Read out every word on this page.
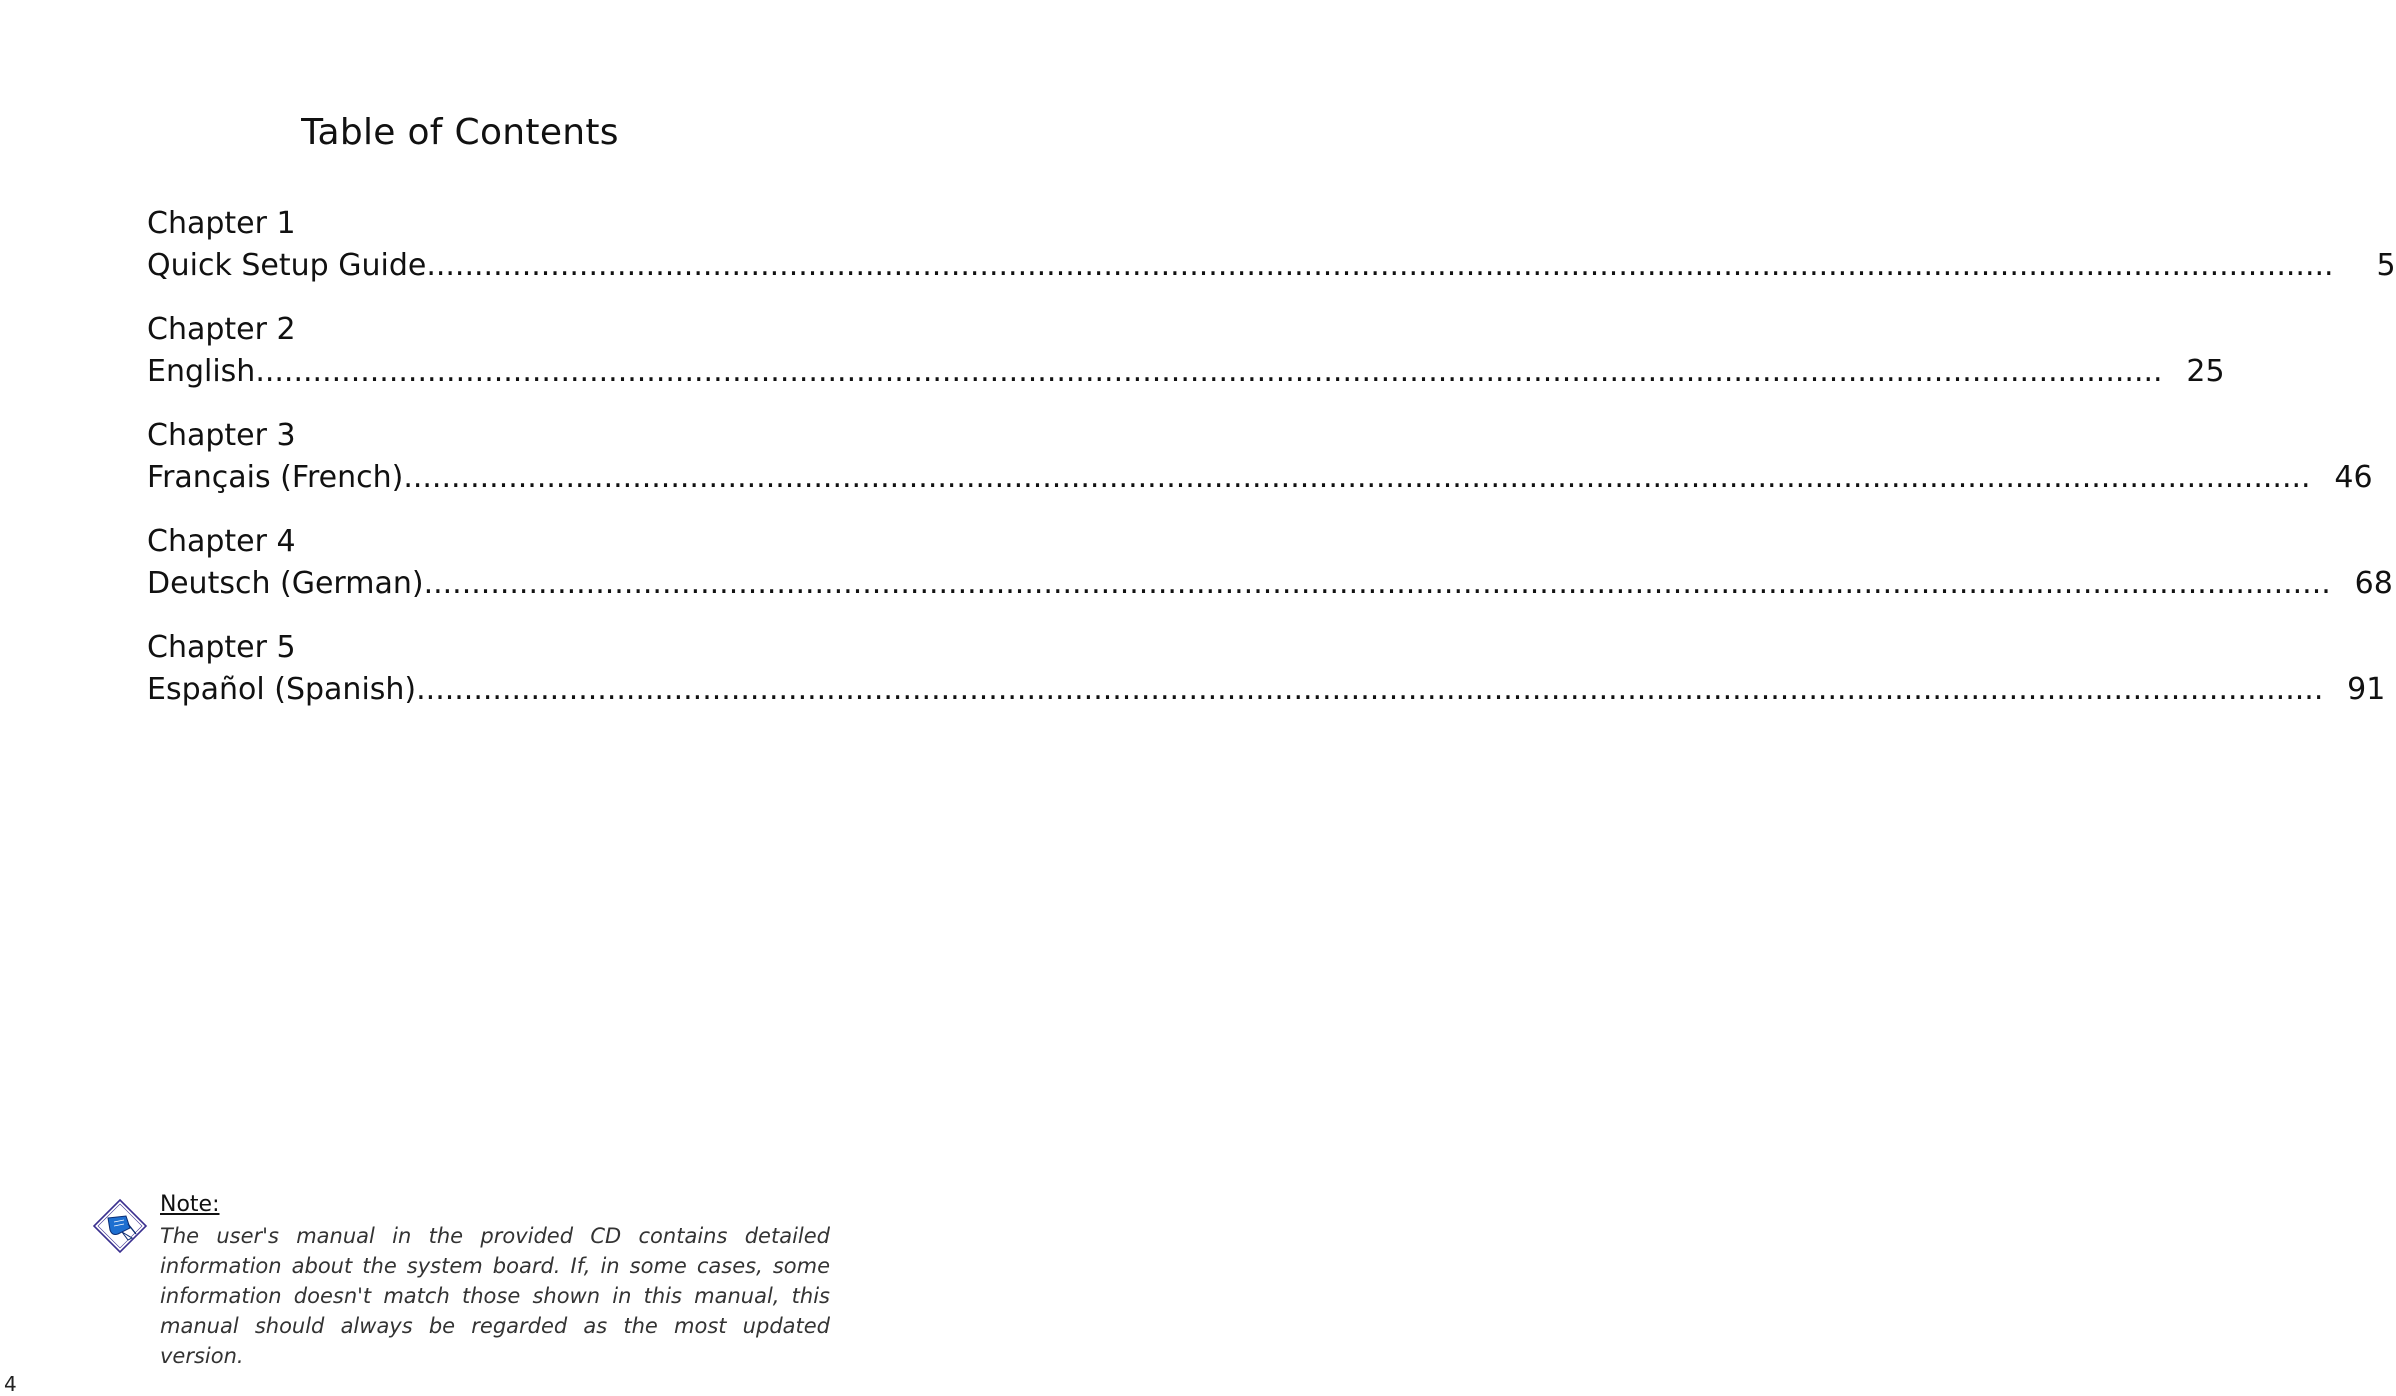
Table of Contents
Chapter 1
Quick Setup Guide ........................................................................................................................................................................................................	5
Chapter 2
English ........................................................................................................................................................................................................ 25
Chapter 3
Français (French) ........................................................................................................................................................................................................ 46
Chapter 4
Deutsch (German) ........................................................................................................................................................................................................ 68
Chapter 5
Español (Spanish) ........................................................................................................................................................................................................ 91
Note:

The user's manual in the provided CD contains detailed information about the system board. If, in some cases, some information doesn't match those shown in this manual, this manual should always be regarded as the most updated version.

4
